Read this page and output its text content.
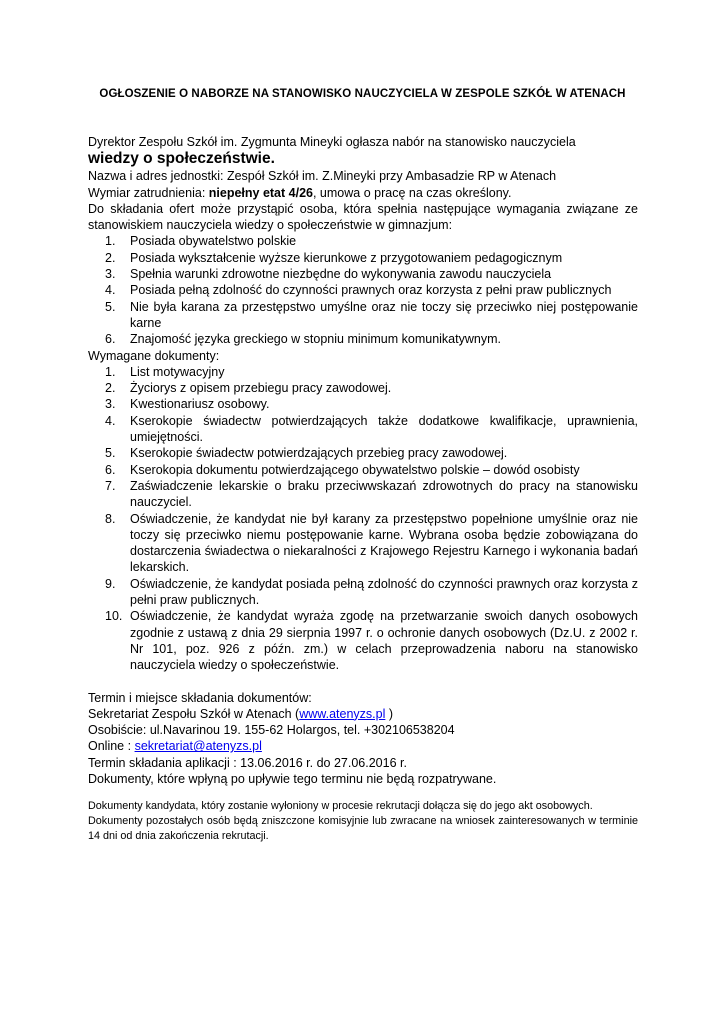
OGŁOSZENIE O NABORZE NA STANOWISKO NAUCZYCIELA W ZESPOLE SZKÓŁ W ATENACH
Dyrektor Zespołu Szkół im. Zygmunta Mineyki ogłasza nabór na stanowisko nauczyciela
wiedzy o społeczeństwie.
Nazwa i adres jednostki: Zespół Szkół im. Z.Mineyki przy Ambasadzie RP w Atenach
Wymiar zatrudnienia: niepełny etat 4/26, umowa o pracę na czas określony.
Do składania ofert może przystąpić osoba, która spełnia następujące wymagania związane ze stanowiskiem nauczyciela wiedzy o społeczeństwie w gimnazjum:
1. Posiada obywatelstwo polskie
2. Posiada wykształcenie wyższe kierunkowe z przygotowaniem pedagogicznym
3. Spełnia warunki zdrowotne niezbędne do wykonywania zawodu nauczyciela
4. Posiada pełną zdolność do czynności prawnych oraz korzysta z pełni praw publicznych
5. Nie była karana za przestępstwo umyślne oraz nie toczy się przeciwko niej postępowanie karne
6. Znajomość języka greckiego w stopniu minimum komunikatywnym.
Wymagane dokumenty:
1. List motywacyjny
2. Życiorys z opisem przebiegu pracy zawodowej.
3. Kwestionariusz osobowy.
4. Kserokopie świadectw potwierdzających także dodatkowe kwalifikacje, uprawnienia, umiejętności.
5. Kserokopie świadectw potwierdzających przebieg pracy zawodowej.
6. Kserokopia dokumentu potwierdzającego obywatelstwo polskie – dowód osobisty
7. Zaświadczenie lekarskie o braku przeciwwskazań zdrowotnych do pracy na stanowisku nauczyciel.
8. Oświadczenie, że kandydat nie był karany za przestępstwo popełnione umyślnie oraz nie toczy się przeciwko niemu postępowanie karne. Wybrana osoba będzie zobowiązana do dostarczenia świadectwa o niekaralności z Krajowego Rejestru Karnego i wykonania badań lekarskich.
9. Oświadczenie, że kandydat posiada pełną zdolność do czynności prawnych oraz korzysta z pełni praw publicznych.
10. Oświadczenie, że kandydat wyraża zgodę na przetwarzanie swoich danych osobowych zgodnie z ustawą z dnia 29 sierpnia 1997 r. o ochronie danych osobowych (Dz.U. z 2002 r. Nr 101, poz. 926 z późn. zm.) w celach przeprowadzenia naboru na stanowisko nauczyciela wiedzy o społeczeństwie.
Termin i miejsce składania dokumentów:
Sekretariat Zespołu Szkół w Atenach (www.atenyzs.pl )
Osobiście: ul.Navarinou 19. 155-62 Holargos, tel. +302106538204
Online : sekretariat@atenyzs.pl
Termin składania aplikacji : 13.06.2016 r. do 27.06.2016 r.
Dokumenty, które wpłyną po upływie tego terminu nie będą rozpatrywane.
Dokumenty kandydata, który zostanie wyłoniony w procesie rekrutacji dołącza się do jego akt osobowych.
Dokumenty pozostałych osób będą zniszczone komisyjnie lub zwracane na wniosek zainteresowanych w terminie 14 dni od dnia zakończenia rekrutacji.
